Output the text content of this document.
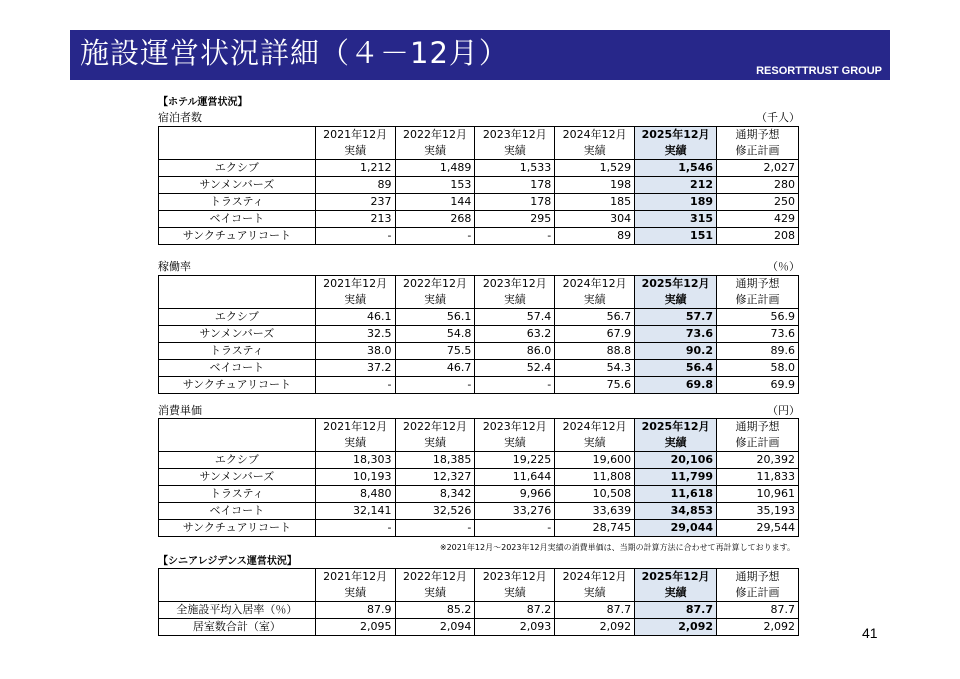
施設運営状況詳細（４－12月）
RESORTTRUST GROUP
【ホテル運営状況】
宿泊者数	（千人）
	2021年12月	2022年12月	2023年12月	2024年12月	2025年12月	通期予想
	実績	実績	実績	実績	実績	修正計画
エクシブ	1,212	1,489	1,533	1,529	1,546	2,027
サンメンバーズ	89	153	178	198	212	280
トラスティ	237	144	178	185	189	250
ベイコート	213	268	295	304	315	429
サンクチュアリコート	-	-	-	89	151	208
稼働率	（％）
	2021年12月	2022年12月	2023年12月	2024年12月	2025年12月	通期予想
	実績	実績	実績	実績	実績	修正計画
エクシブ	46.1	56.1	57.4	56.7	57.7	56.9
サンメンバーズ	32.5	54.8	63.2	67.9	73.6	73.6
トラスティ	38.0	75.5	86.0	88.8	90.2	89.6
ベイコート	37.2	46.7	52.4	54.3	56.4	58.0
サンクチュアリコート	-	-	-	75.6	69.8	69.9
消費単価	（円）
	2021年12月	2022年12月	2023年12月	2024年12月	2025年12月	通期予想
	実績	実績	実績	実績	実績	修正計画
エクシブ	18,303	18,385	19,225	19,600	20,106	20,392
サンメンバーズ	10,193	12,327	11,644	11,808	11,799	11,833
トラスティ	8,480	8,342	9,966	10,508	11,618	10,961
ベイコート	32,141	32,526	33,276	33,639	34,853	35,193
サンクチュアリコート	-	-	-	28,745	29,044	29,544
※2021年12月～2023年12月実績の消費単価は、当期の計算方法に合わせて再計算しております。
【シニアレジデンス運営状況】
	2021年12月	2022年12月	2023年12月	2024年12月	2025年12月	通期予想
	実績	実績	実績	実績	実績	修正計画
全施設平均入居率（％）	87.9	85.2	87.2	87.7	87.7	87.7
居室数合計（室）	2,095	2,094	2,093	2,092	2,092	2,092	41
